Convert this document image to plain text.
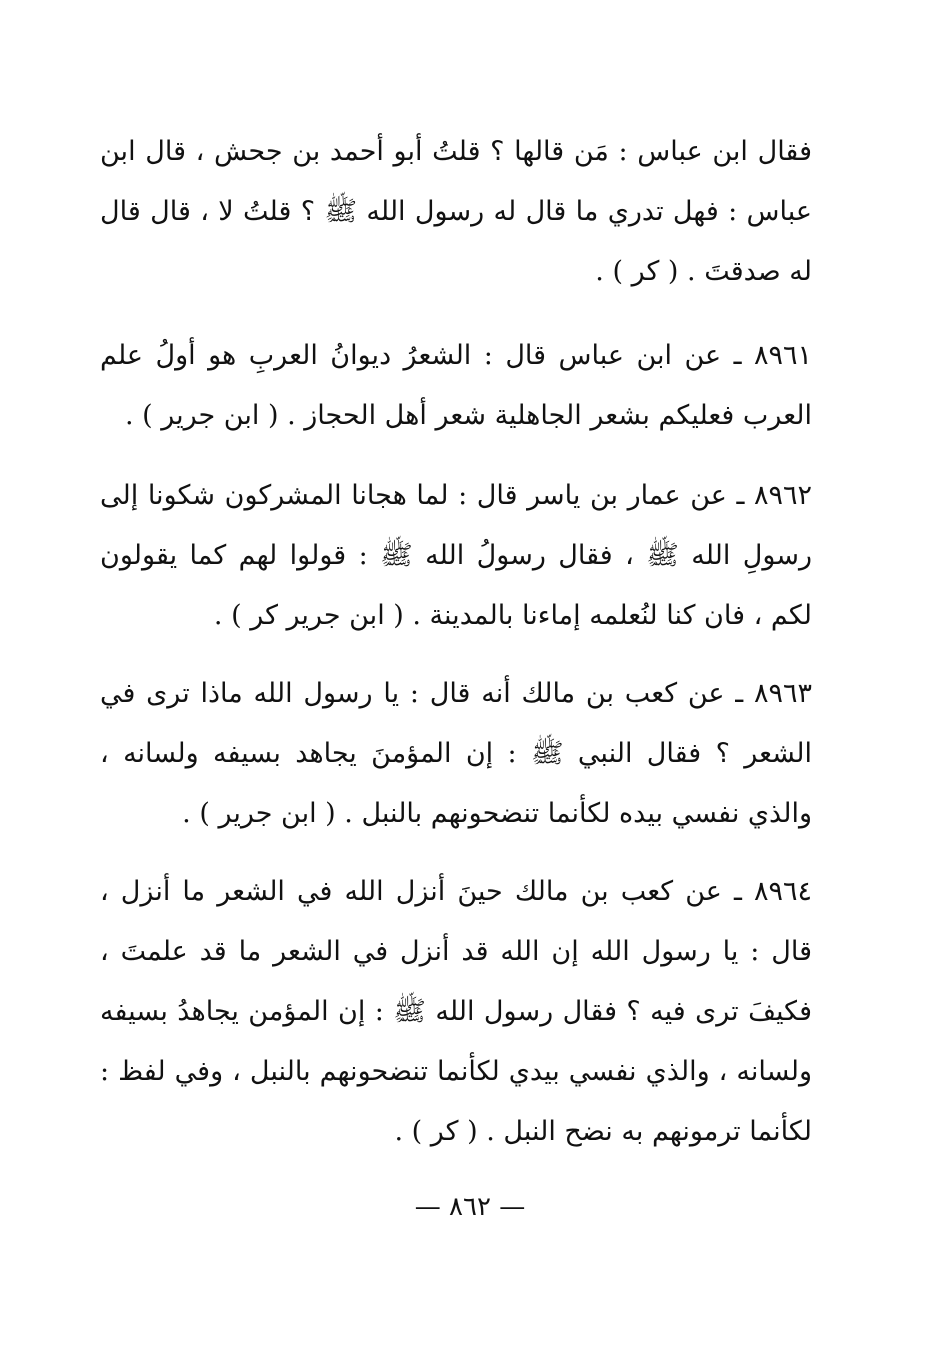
فقال ابن عباس : مَن قالها ؟ قلتُ أبو أحمد بن جحش ، قال ابن عباس : فهل تدري ما قال له رسول الله ﷺ ؟ قلتُ لا ، قال قال له صدقتَ . ( كر ) .

٨٩٦١ ـ عن ابن عباس قال : الشعرُ ديوانُ العربِ هو أولُ علم العرب فعليكم بشعر الجاهلية شعر أهل الحجاز . ( ابن جرير ) .

٨٩٦٢ ـ عن عمار بن ياسر قال : لما هجانا المشركون شكونا إلى رسولِ الله ﷺ ، فقال رسولُ الله ﷺ : قولوا لهم كما يقولون لكم ، فان كنا لنُعلمه إماءنا بالمدينة . ( ابن جرير كر ) .

٨٩٦٣ ـ عن كعب بن مالك أنه قال : يا رسول الله ماذا ترى في الشعر ؟ فقال النبي ﷺ : إن المؤمنَ يجاهد بسيفه ولسانه ، والذي نفسي بيده لكأنما تنضحونهم بالنبل . ( ابن جرير ) .

٨٩٦٤ ـ عن كعب بن مالك حينَ أنزل الله في الشعر ما أنزل ، قال : يا رسول الله إن الله قد أنزل في الشعر ما قد علمتَ ، فكيفَ ترى فيه ؟ فقال رسول الله ﷺ : إن المؤمن يجاهدُ بسيفه ولسانه ، والذي نفسي بيدي لكأنما تنضحونهم بالنبل ، وفي لفظ : لكأنما ترمونهم به نضح النبل . ( كر ) .

— ٨٦٢ —
